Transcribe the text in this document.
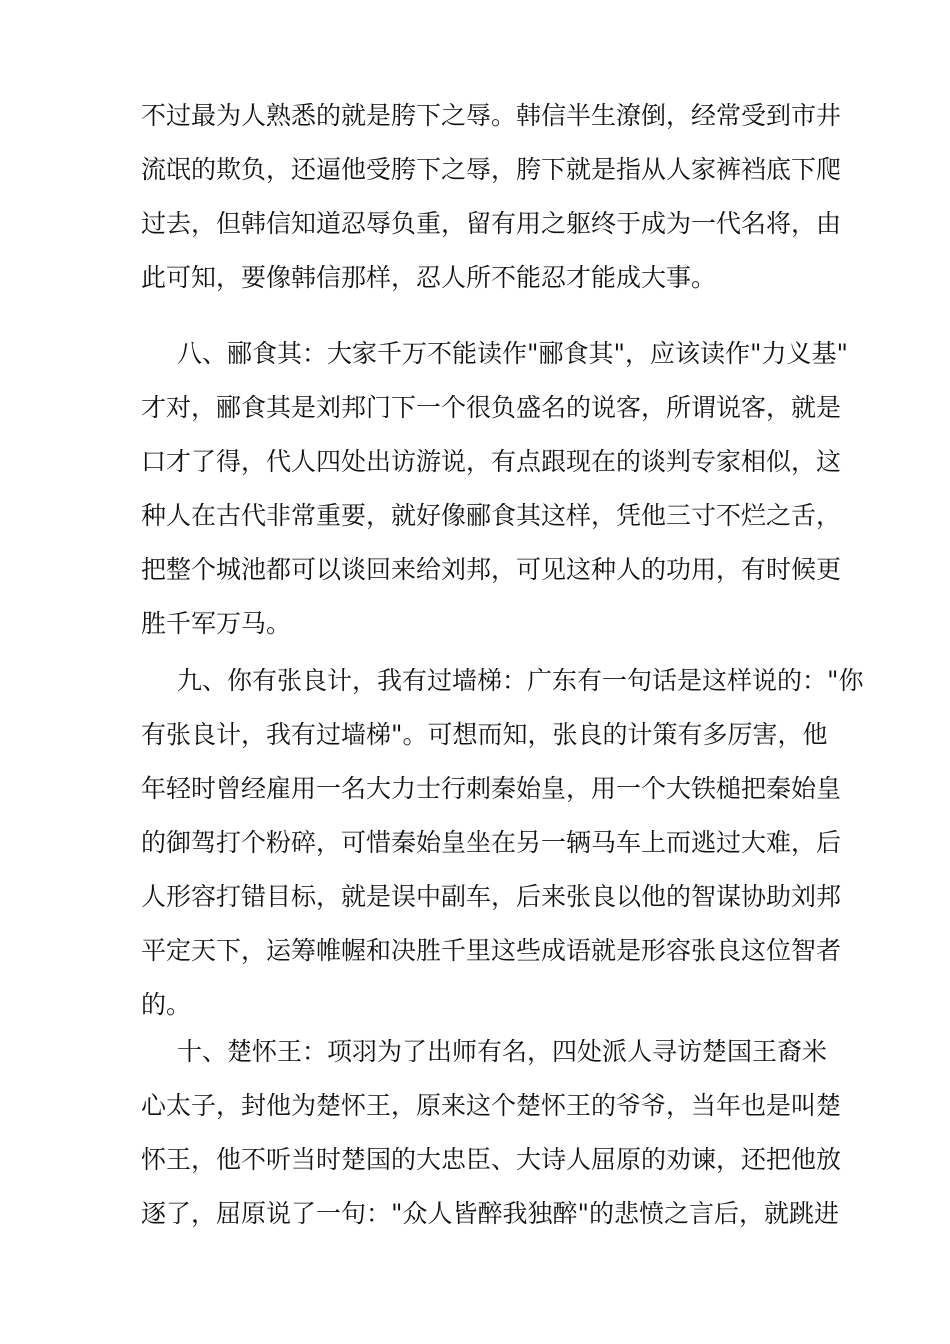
不过最为人熟悉的就是胯下之辱。韩信半生潦倒，经常受到市井
流氓的欺负，还逼他受胯下之辱，胯下就是指从人家裤裆底下爬
过去，但韩信知道忍辱负重，留有用之躯终于成为一代名将，由
此可知，要像韩信那样，忍人所不能忍才能成大事。
八、郦食其：大家千万不能读作"郦食其"，应该读作"力义基"
才对，郦食其是刘邦门下一个很负盛名的说客，所谓说客，就是
口才了得，代人四处出访游说，有点跟现在的谈判专家相似，这
种人在古代非常重要，就好像郦食其这样，凭他三寸不烂之舌，
把整个城池都可以谈回来给刘邦，可见这种人的功用，有时候更
胜千军万马。
九、你有张良计，我有过墙梯：广东有一句话是这样说的："你
有张良计，我有过墙梯"。可想而知，张良的计策有多厉害，他
年轻时曾经雇用一名大力士行刺秦始皇，用一个大铁槌把秦始皇
的御驾打个粉碎，可惜秦始皇坐在另一辆马车上而逃过大难，后
人形容打错目标，就是误中副车，后来张良以他的智谋协助刘邦
平定天下，运筹帷幄和决胜千里这些成语就是形容张良这位智者
的。
十、楚怀王：项羽为了出师有名，四处派人寻访楚国王裔米
心太子，封他为楚怀王，原来这个楚怀王的爷爷，当年也是叫楚
怀王，他不听当时楚国的大忠臣、大诗人屈原的劝谏，还把他放
逐了，屈原说了一句："众人皆醉我独醉"的悲愤之言后，就跳进
